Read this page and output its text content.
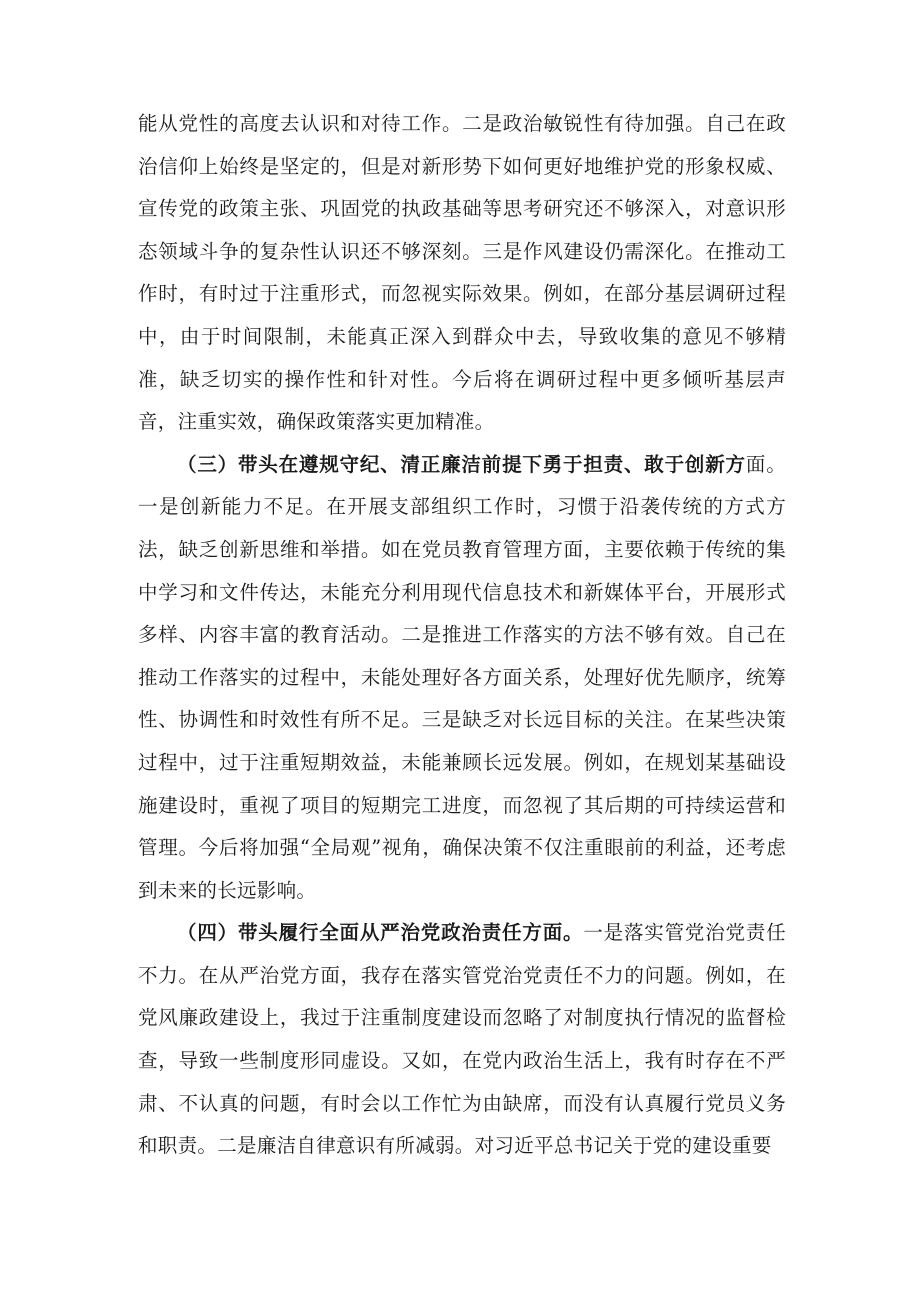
能从党性的高度去认识和对待工作。二是政治敏锐性有待加强。自己在政治信仰上始终是坚定的，但是对新形势下如何更好地维护党的形象权威、宣传党的政策主张、巩固党的执政基础等思考研究还不够深入，对意识形态领域斗争的复杂性认识还不够深刻。三是作风建设仍需深化。在推动工作时，有时过于注重形式，而忽视实际效果。例如，在部分基层调研过程中，由于时间限制，未能真正深入到群众中去，导致收集的意见不够精准，缺乏切实的操作性和针对性。今后将在调研过程中更多倾听基层声音，注重实效，确保政策落实更加精准。

（三）带头在遵规守纪、清正廉洁前提下勇于担责、敢于创新方面。一是创新能力不足。在开展支部组织工作时，习惯于沿袭传统的方式方法，缺乏创新思维和举措。如在党员教育管理方面，主要依赖于传统的集中学习和文件传达，未能充分利用现代信息技术和新媒体平台，开展形式多样、内容丰富的教育活动。二是推进工作落实的方法不够有效。自己在推动工作落实的过程中，未能处理好各方面关系，处理好优先顺序，统筹性、协调性和时效性有所不足。三是缺乏对长远目标的关注。在某些决策过程中，过于注重短期效益，未能兼顾长远发展。例如，在规划某基础设施建设时，重视了项目的短期完工进度，而忽视了其后期的可持续运营和管理。今后将加强“全局观”视角，确保决策不仅注重眼前的利益，还考虑到未来的长远影响。

（四）带头履行全面从严治党政治责任方面。一是落实管党治党责任不力。在从严治党方面，我存在落实管党治党责任不力的问题。例如，在党风廉政建设上，我过于注重制度建设而忽略了对制度执行情况的监督检查，导致一些制度形同虚设。又如，在党内政治生活上，我有时存在不严肃、不认真的问题，有时会以工作忙为由缺席，而没有认真履行党员义务和职责。二是廉洁自律意识有所减弱。对习近平总书记关于党的建设重要
